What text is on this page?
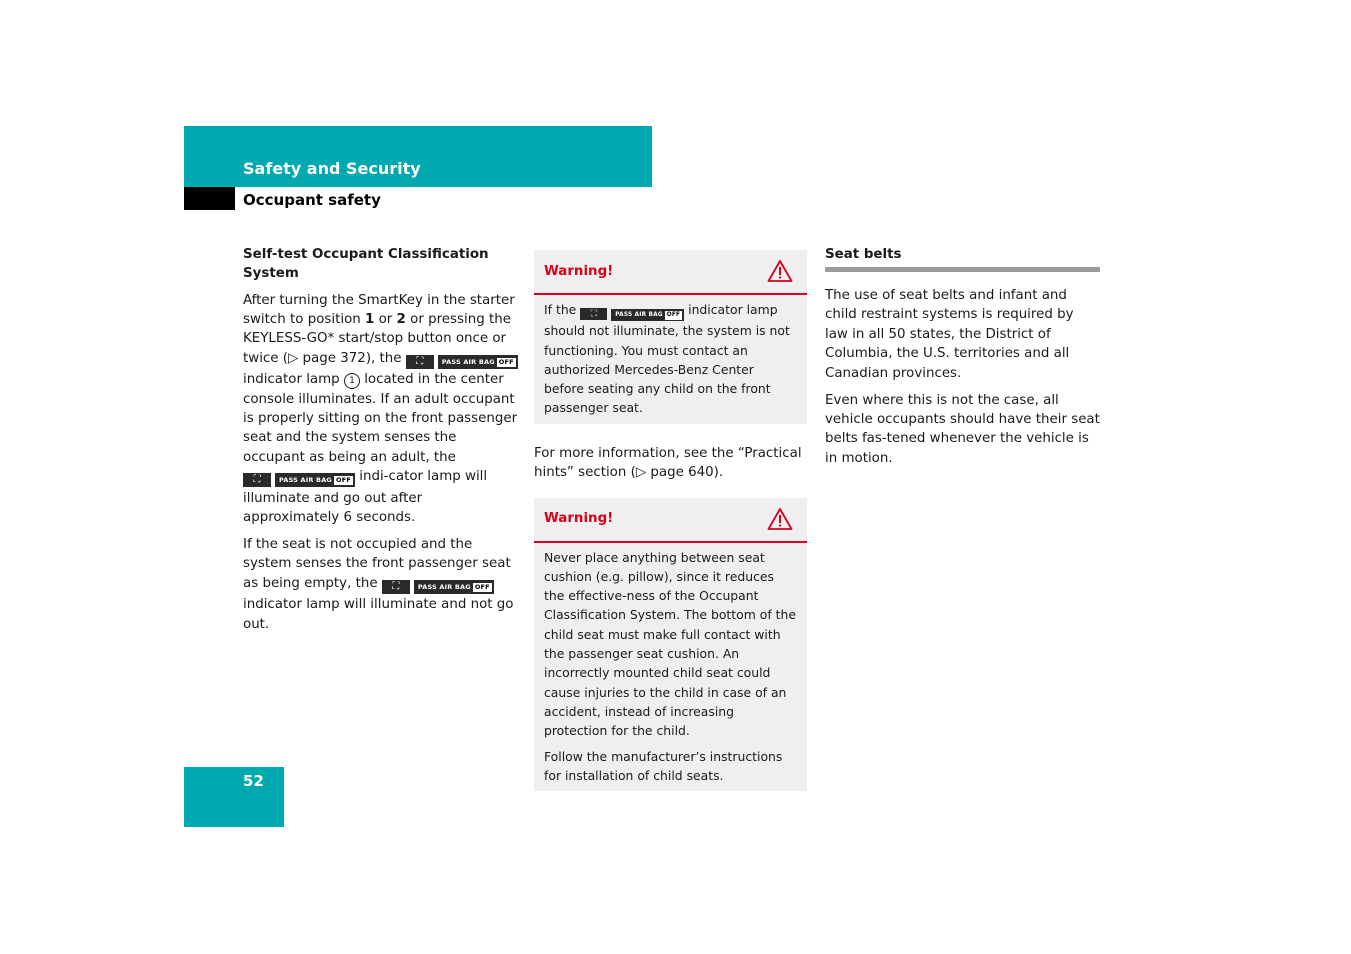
Safety and Security
Occupant safety
Self-test Occupant Classification System

After turning the SmartKey in the starter switch to position 1 or 2 or pressing the KEYLESS-GO* start/stop button once or twice (▷ page 372), the ⛶	PASS AIR BAG OFF indicator lamp 1 located in the center console illuminates. If an adult occupant is properly sitting on the front passenger seat and the system senses the occupant as being an adult, the ⛶	PASS AIR BAG OFF indi-cator lamp will illuminate and go out after approximately 6 seconds.

If the seat is not occupied and the system senses the front passenger seat as being empty, the ⛶	PASS AIR BAG OFF indicator lamp will illuminate and not go out.

Warning!

If the ⛶	PASS AIR BAG OFF indicator lamp should not illuminate, the system is not functioning. You must contact an authorized Mercedes-Benz Center before seating any child on the front passenger seat.

For more information, see the “Practical hints” section (▷ page 640).

Warning!

Never place anything between seat cushion (e.g. pillow), since it reduces the effective-ness of the Occupant Classification System. The bottom of the child seat must make full contact with the passenger seat cushion. An incorrectly mounted child seat could cause injuries to the child in case of an accident, instead of increasing protection for the child.

Follow the manufacturer’s instructions for installation of child seats.

Seat belts

The use of seat belts and infant and child restraint systems is required by law in all 50 states, the District of Columbia, the U.S. territories and all Canadian provinces.

Even where this is not the case, all vehicle occupants should have their seat belts fas-tened whenever the vehicle is in motion.

52
